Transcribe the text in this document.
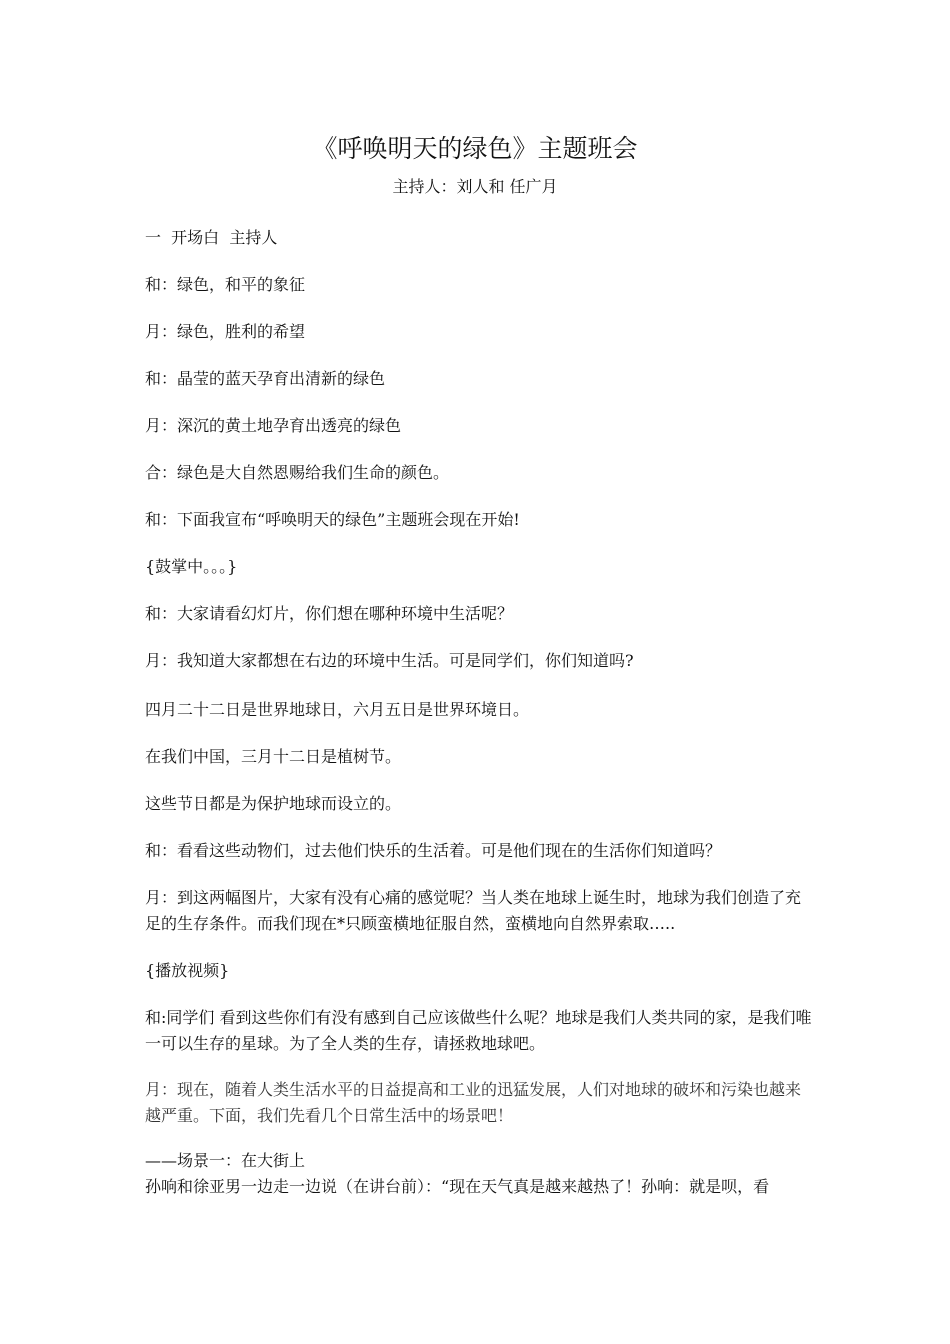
《呼唤明天的绿色》主题班会
主持人：刘人和 任广月

一  开场白  主持人

和：绿色，和平的象征

月：绿色，胜利的希望

和：晶莹的蓝天孕育出清新的绿色

月：深沉的黄土地孕育出透亮的绿色

合：绿色是大自然恩赐给我们生命的颜色。

和：下面我宣布“呼唤明天的绿色”主题班会现在开始!

{鼓掌中。。。}

和：大家请看幻灯片，你们想在哪种环境中生活呢？

月：我知道大家都想在右边的环境中生活。可是同学们，你们知道吗?

四月二十二日是世界地球日，六月五日是世界环境日。

在我们中国，三月十二日是植树节。

这些节日都是为保护地球而设立的。

和：看看这些动物们，过去他们快乐的生活着。可是他们现在的生活你们知道吗？

月：到这两幅图片，大家有没有心痛的感觉呢？当人类在地球上诞生时，地球为我们创造了充足的生存条件。而我们现在*只顾蛮横地征服自然，蛮横地向自然界索取…..

{播放视频}

和:同学们 看到这些你们有没有感到自己应该做些什么呢？地球是我们人类共同的家，是我们唯一可以生存的星球。为了全人类的生存，请拯救地球吧。

月：现在，随着人类生活水平的日益提高和工业的迅猛发展，人们对地球的破坏和污染也越来越严重。下面，我们先看几个日常生活中的场景吧！

——场景一：在大街上

孙响和徐亚男一边走一边说（在讲台前）：“现在天气真是越来越热了！孙响：就是呗，看
